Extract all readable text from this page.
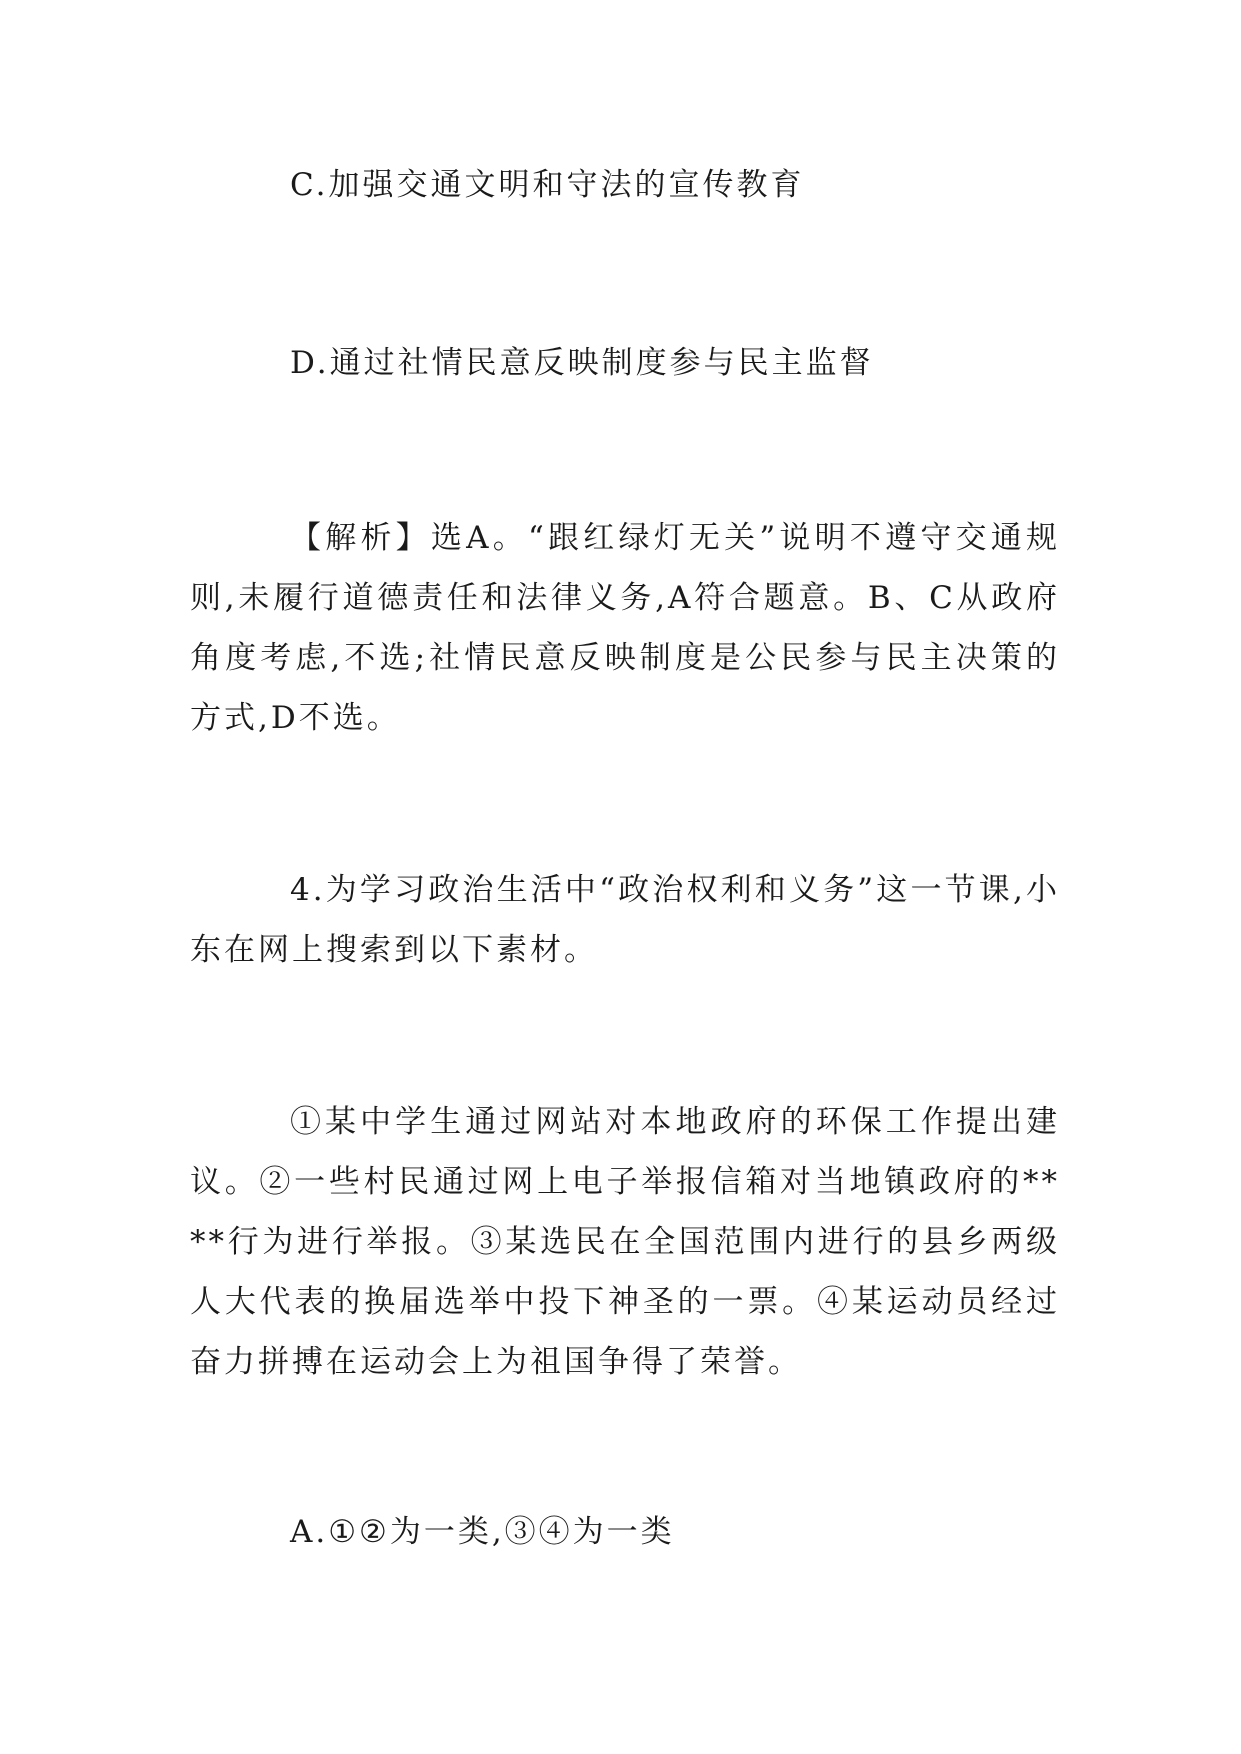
C.加强交通文明和守法的宣传教育

D.通过社情民意反映制度参与民主监督

【解析】选A。“跟红绿灯无关”说明不遵守交通规则,未履行道德责任和法律义务,A符合题意。B、C从政府角度考虑,不选;社情民意反映制度是公民参与民主决策的方式,D不选。

4.为学习政治生活中“政治权利和义务”这一节课,小东在网上搜索到以下素材。

①某中学生通过网站对本地政府的环保工作提出建议。②一些村民通过网上电子举报信箱对当地镇政府的****行为进行举报。③某选民在全国范围内进行的县乡两级人大代表的换届选举中投下神圣的一票。④某运动员经过奋力拼搏在运动会上为祖国争得了荣誉。

A.①②为一类,③④为一类
